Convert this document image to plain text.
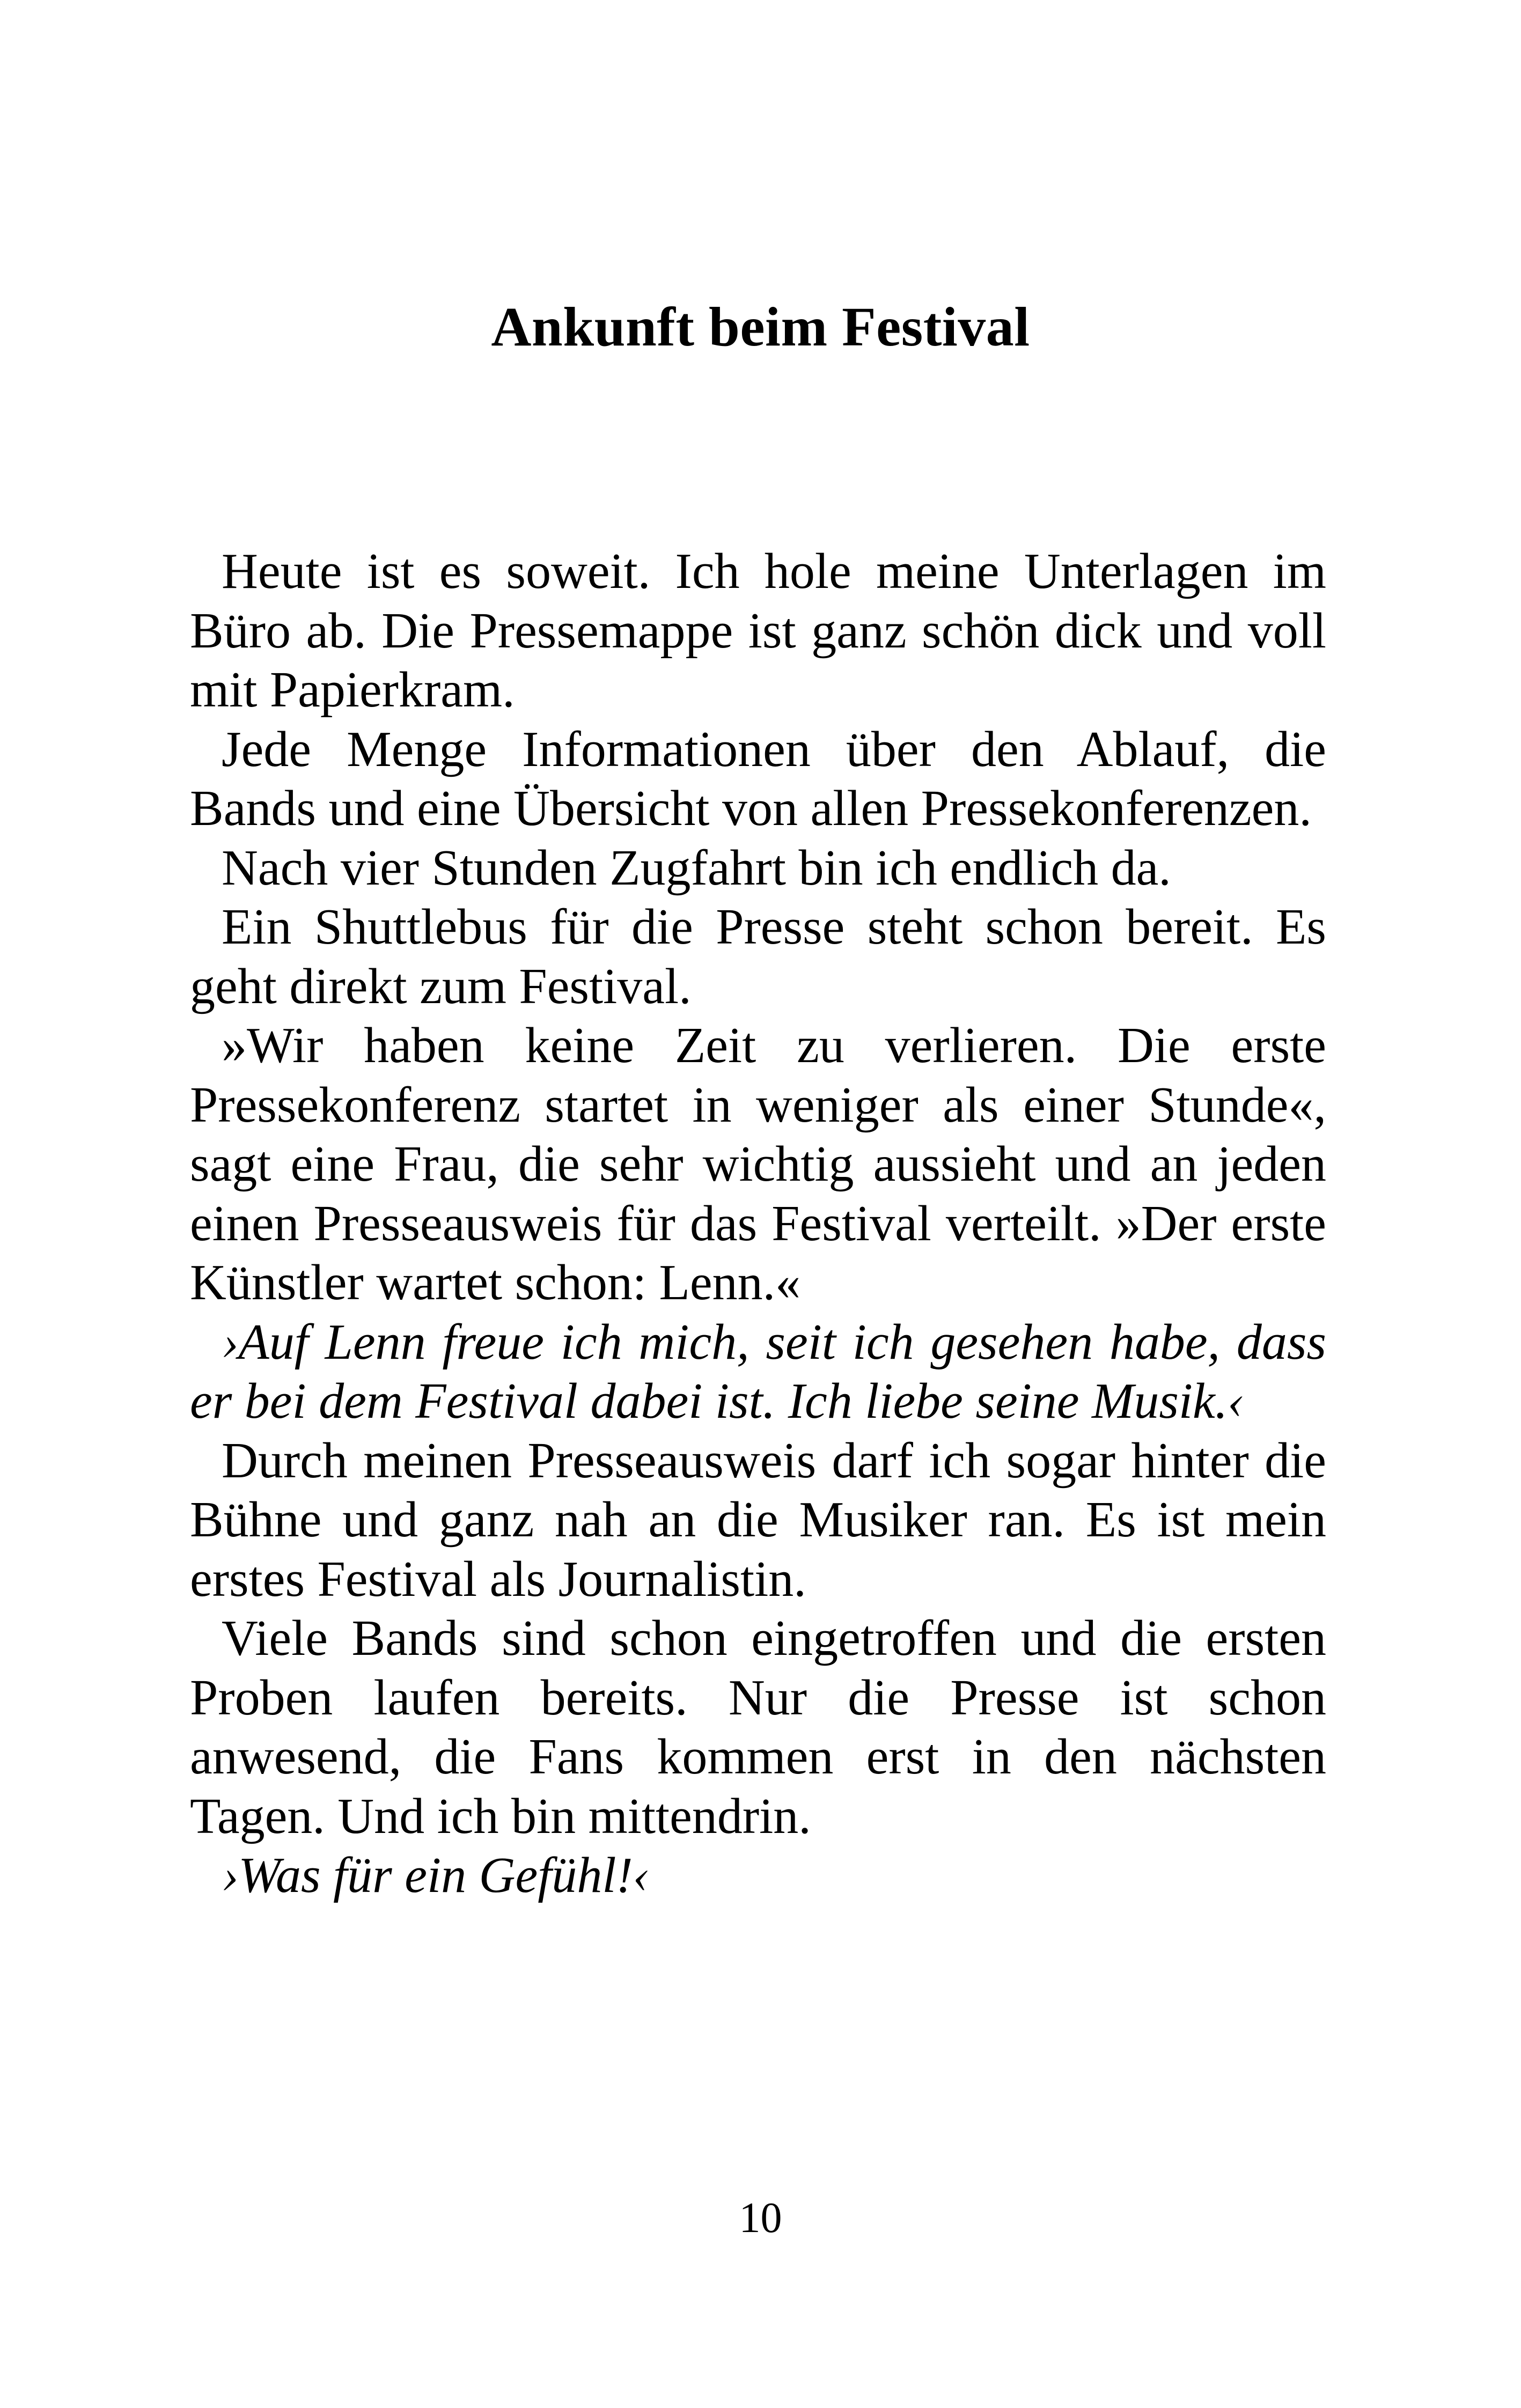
Ankunft beim Festival

Heute ist es soweit. Ich hole meine Unterlagen im Büro ab. Die Pressemappe ist ganz schön dick und voll mit Papierkram.

Jede Menge Informationen über den Ablauf, die Bands und eine Übersicht von allen Pressekonferenzen.

Nach vier Stunden Zugfahrt bin ich endlich da.

Ein Shuttlebus für die Presse steht schon bereit. Es geht direkt zum Festival.

»Wir haben keine Zeit zu verlieren. Die erste Pressekonferenz startet in weniger als einer Stunde«, sagt eine Frau, die sehr wichtig aussieht und an jeden einen Presseausweis für das Festival verteilt. »Der erste Künstler wartet schon: Lenn.«

›Auf Lenn freue ich mich, seit ich gesehen habe, dass er bei dem Festival dabei ist. Ich liebe seine Musik.‹

Durch meinen Presseausweis darf ich sogar hinter die Bühne und ganz nah an die Musiker ran. Es ist mein erstes Festival als Journalistin.

Viele Bands sind schon eingetroffen und die ersten Proben laufen bereits. Nur die Presse ist schon anwesend, die Fans kommen erst in den nächsten Tagen. Und ich bin mittendrin.

›Was für ein Gefühl!‹

10
